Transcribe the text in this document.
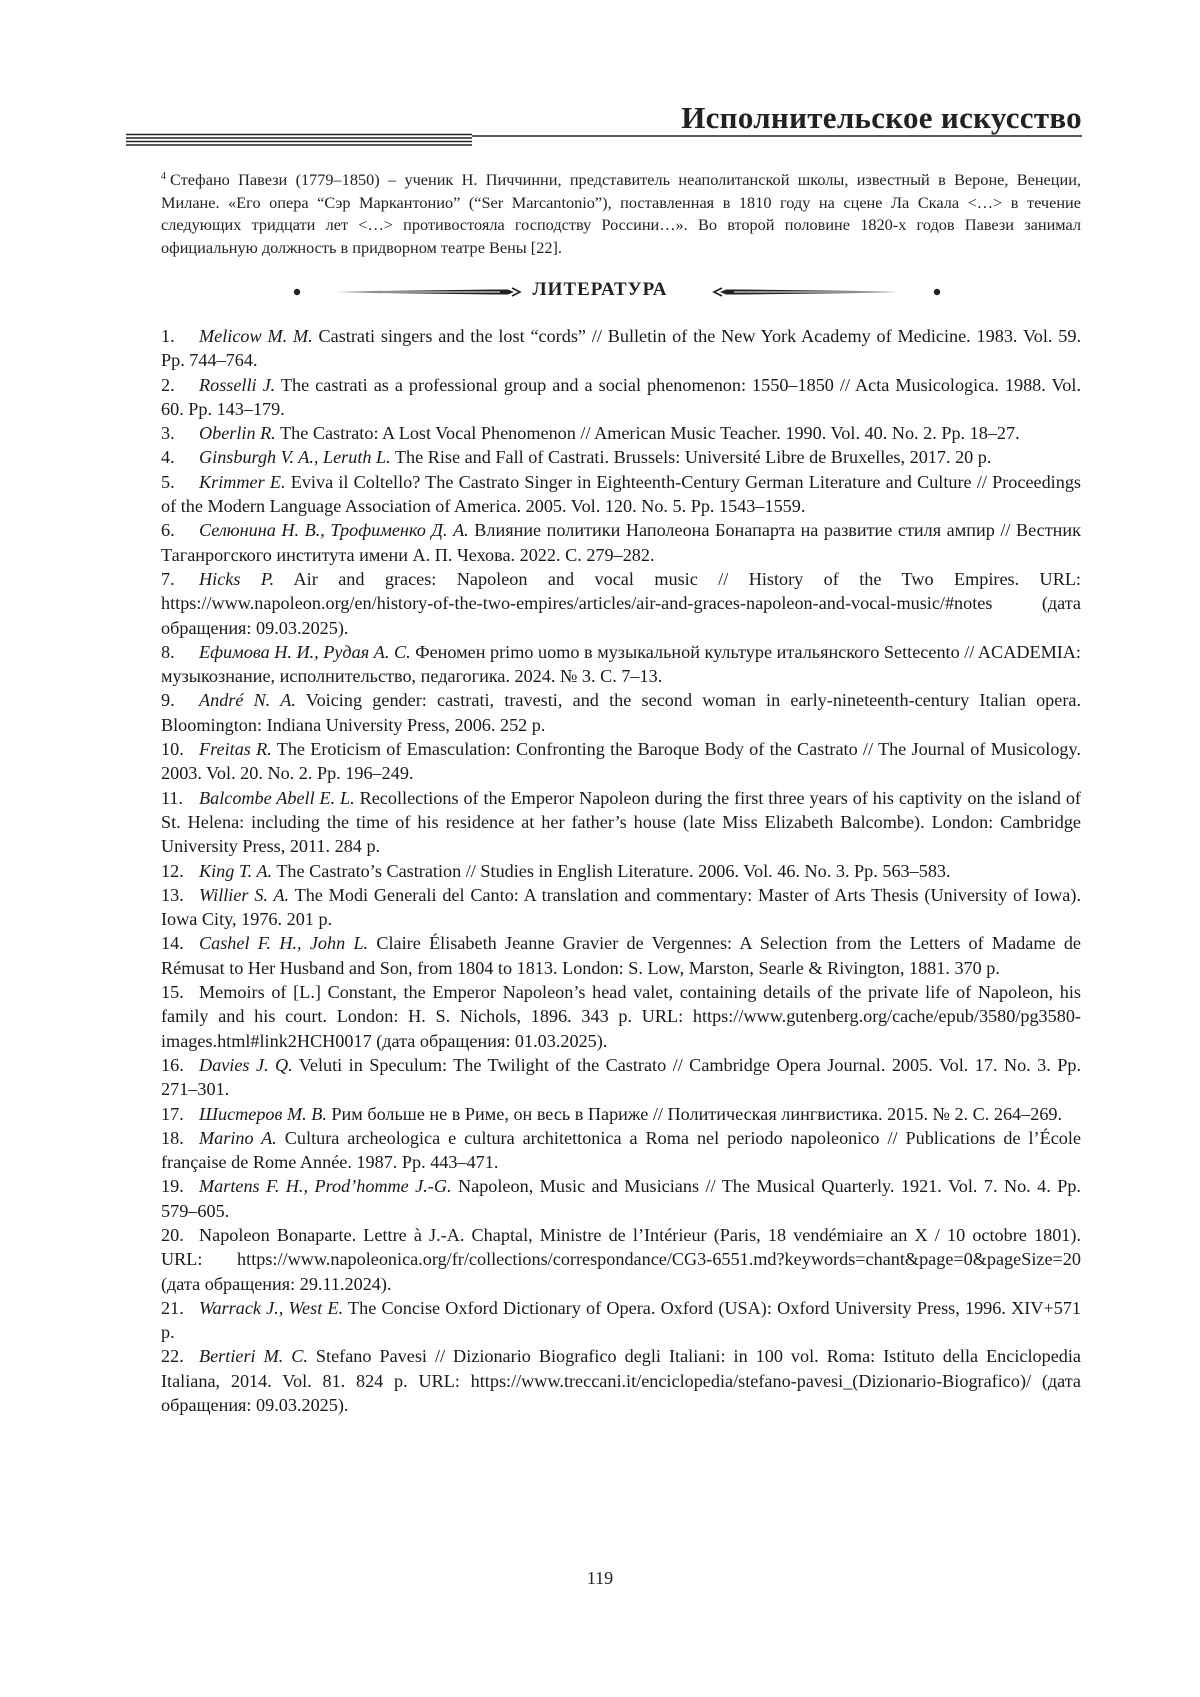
Исполнительское искусство
$^4$ Стефано Павези (1779–1850) – ученик Н. Пиччинни, представитель неаполитанской школы, известный в Вероне, Венеции, Милане. «Его опера “Сэр Маркантонио” (“Ser Marcantonio”), поставленная в 1810 году на сцене Ла Скала <…> в течение следующих тридцати лет <…> противостояла господству Россини…». Во второй половине 1820-х годов Павези занимал официальную должность в придворном театре Вены [22].
ЛИТЕРАТУРА

1. Melicow M. M. Castrati singers and the lost “cords” // Bulletin of the New York Academy of Medicine. 1983. Vol. 59. Pp. 744–764.

2. Rosselli J. The castrati as a professional group and a social phenomenon: 1550–1850 // Acta Musicologica. 1988. Vol. 60. Pp. 143–179.

3. Oberlin R. The Castrato: A Lost Vocal Phenomenon // American Music Teacher. 1990. Vol. 40. No. 2. Pp. 18–27.

4. Ginsburgh V. A., Leruth L. The Rise and Fall of Castrati. Brussels: Université Libre de Bruxelles, 2017. 20 p.

5. Krimmer E. Eviva il Coltello? The Castrato Singer in Eighteenth-Century German Literature and Culture // Proceedings of the Modern Language Association of America. 2005. Vol. 120. No. 5. Pp. 1543–1559.

6. Селюнина Н. В., Трофименко Д. А. Влияние политики Наполеона Бонапарта на развитие стиля ампир // Вестник Таганрогского института имени А. П. Чехова. 2022. С. 279–282.

7. Hicks P. Air and graces: Napoleon and vocal music // History of the Two Empires. URL: https://www.napoleon.org/en/history-of-the-two-empires/articles/air-and-graces-napoleon-and-vocal-music/#notes (дата обращения: 09.03.2025).

8. Ефимова Н. И., Рудая А. С. Феномен primo uomo в музыкальной культуре итальянского Settecento // ACADEMIA: музыкознание, исполнительство, педагогика. 2024. № 3. С. 7–13.

9. André N. A. Voicing gender: castrati, travesti, and the second woman in early-nineteenth-century Italian opera. Bloomington: Indiana University Press, 2006. 252 p.

10. Freitas R. The Eroticism of Emasculation: Confronting the Baroque Body of the Castrato // The Journal of Musicology. 2003. Vol. 20. No. 2. Pp. 196–249.

11. Balcombe Abell E. L. Recollections of the Emperor Napoleon during the first three years of his captivity on the island of St. Helena: including the time of his residence at her father’s house (late Miss Elizabeth Balcombe). London: Cambridge University Press, 2011. 284 p.

12. King T. A. The Castrato’s Castration // Studies in English Literature. 2006. Vol. 46. No. 3. Pp. 563–583.

13. Willier S. A. The Modi Generali del Canto: A translation and commentary: Master of Arts Thesis (University of Iowa). Iowa City, 1976. 201 p.

14. Cashel F. H., John L. Claire Élisabeth Jeanne Gravier de Vergennes: A Selection from the Letters of Madame de Rémusat to Her Husband and Son, from 1804 to 1813. London: S. Low, Marston, Searle & Rivington, 1881. 370 p.

15. Memoirs of [L.] Constant, the Emperor Napoleon’s head valet, containing details of the private life of Napoleon, his family and his court. London: H. S. Nichols, 1896. 343 p. URL: https://www.gutenberg.org/cache/epub/3580/pg3580-images.html#link2HCH0017 (дата обращения: 01.03.2025).

16. Davies J. Q. Veluti in Speculum: The Twilight of the Castrato // Cambridge Opera Journal. 2005. Vol. 17. No. 3. Pp. 271–301.

17. Шистеров М. В. Рим больше не в Риме, он весь в Париже // Политическая лингвистика. 2015. № 2. С. 264–269.

18. Marino A. Cultura archeologica e cultura architettonica a Roma nel periodo napoleonico // Publications de l’École française de Rome Année. 1987. Pp. 443–471.

19. Martens F. H., Prod’homme J.-G. Napoleon, Music and Musicians // The Musical Quarterly. 1921. Vol. 7. No. 4. Pp. 579–605.

20. Napoleon Bonaparte. Lettre à J.-A. Chaptal, Ministre de l’Intérieur (Paris, 18 vendémiaire an X / 10 octobre 1801). URL: https://www.napoleonica.org/fr/collections/correspondance/CG3-6551.md?keywords=chant&page=0&pageSize=20 (дата обращения: 29.11.2024).

21. Warrack J., West E. The Concise Oxford Dictionary of Opera. Oxford (USA): Oxford University Press, 1996. XIV+571 p.

22. Bertieri M. C. Stefano Pavesi // Dizionario Biografico degli Italiani: in 100 vol. Roma: Istituto della Enciclopedia Italiana, 2014. Vol. 81. 824 p. URL: https://www.treccani.it/enciclopedia/stefano-pavesi_(Dizionario-Biografico)/ (дата обращения: 09.03.2025).

119
